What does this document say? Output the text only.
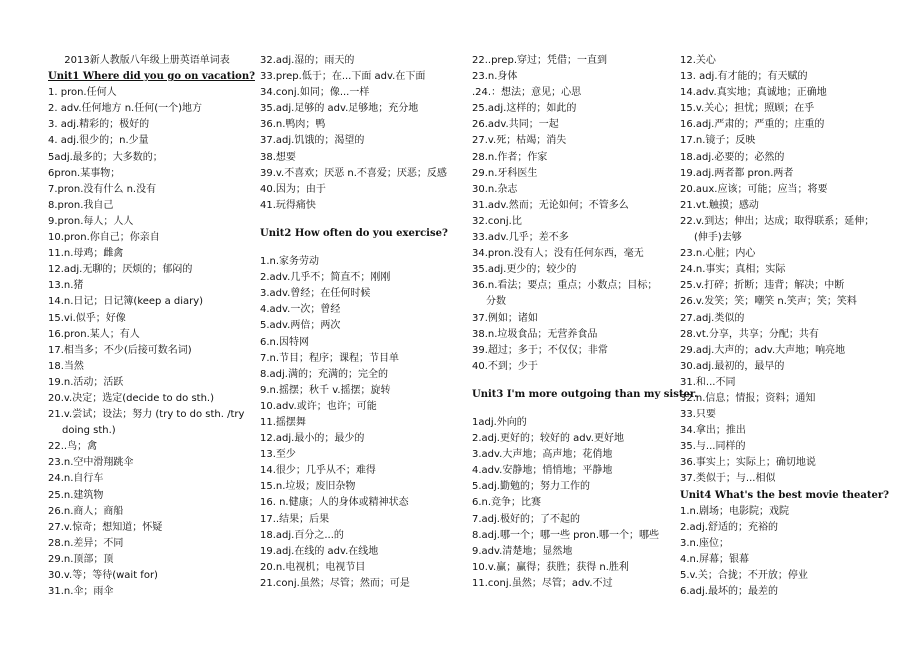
2013新人教版八年级上册英语单词表

Unit1 Where did you go on vacation?

1. pron.任何人

2. adv.任何地方 n.任何(一个)地方

3. adj.精彩的；极好的

4. adj.很少的；n.少量

5adj.最多的；大多数的；

6pron.某事物；

7.pron.没有什么 n.没有

8.pron.我自己

9.pron.每人；人人

10.pron.你自己；你亲自

11.n.母鸡；雌禽

12.adj.无聊的；厌烦的；郁闷的

13.n.猪

14.n.日记；日记簿(keep a diary)

15.vi.似乎；好像

16.pron.某人；有人

17.相当多；不少(后接可数名词)

18.当然

19.n.活动；活跃

20.v.决定；选定(decide to do sth.)

21.v.尝试；设法；努力 (try to do sth. /try

doing sth.)

22..鸟；禽

23.n.空中滑翔跳伞

24.n.自行车

25.n.建筑物

26.n.商人；商船

27.v.惊奇；想知道；怀疑

28.n.差异；不同

29.n.顶部；顶

30.v.等；等待(wait for)

31.n.伞；雨伞

32.adj.湿的；雨天的

33.prep.低于；在...下面 adv.在下面

34.conj.如同；像...一样

35.adj.足够的 adv.足够地；充分地

36.n.鸭肉；鸭

37.adj.饥饿的；渴望的

38.想要

39.v.不喜欢；厌恶 n.不喜爱；厌恶；反感

40.因为；由于

41.玩得痛快

Unit2 How often do you exercise?

1.n.家务劳动

2.adv.几乎不；简直不；刚刚

3.adv.曾经；在任何时候

4.adv.一次；曾经

5.adv.两倍；两次

6.n.因特网

7.n.节目；程序；课程；节目单

8.adj.满的；充满的；完全的

9.n.摇摆；秋千 v.摇摆；旋转

10.adv.或许；也许；可能

11.摇摆舞

12.adj.最小的；最少的

13.至少

14.很少；几乎从不；难得

15.n.垃圾；废旧杂物

16. n.健康；人的身体或精神状态

17..结果；后果

18.adj.百分之...的

19.adj.在线的 adv.在线地

20.n.电视机；电视节目

21.conj.虽然；尽管；然而；可是

22..prep.穿过；凭借；一直到

23.n.身体

.24.：想法；意见；心思

25.adj.这样的；如此的

26.adv.共同；一起

27.v.死；枯竭；消失

28.n.作者；作家

29.n.牙科医生

30.n.杂志

31.adv.然而；无论如何；不管多么

32.conj.比

33.adv.几乎；差不多

34.pron.没有人；没有任何东西，毫无

35.adj.更少的；较少的

36.n.看法；要点；重点；小数点；目标；

分数

37.例如；诸如

38.n.垃圾食品；无营养食品

39.超过；多于；不仅仅；非常

40.不到；少于

Unit3 I'm more outgoing than my sister.

1adj.外向的

2.adj.更好的；较好的 adv.更好地

3.adv.大声地；高声地；花俏地

4.adv.安静地；悄悄地；平静地

5.adj.勤勉的；努力工作的

6.n.竞争；比赛

7.adj.极好的；了不起的

8.adj.哪一个；哪一些 pron.哪一个；哪些

9.adv.清楚地；显然地

10.v.赢；赢得；获胜；获得 n.胜利

11.conj.虽然；尽管；adv.不过

12.关心

13. adj.有才能的；有天赋的

14.adv.真实地；真诚地；正确地

15.v.关心；担忧；照顾；在乎

16.adj.严肃的；严重的；庄重的

17.n.镜子；反映

18.adj.必要的；必然的

19.adj.两者都 pron.两者

20.aux.应该；可能；应当；将要

21.vt.触摸；感动

22.v.到达；伸出；达成；取得联系；延伸；

(伸手)去够

23.n.心脏；内心

24.n.事实；真相；实际

25.v.打碎；折断；违背；解决；中断

26.v.发笑；笑；嘲笑 n.笑声；笑；笑料

27.adj.类似的

28.vt.分享，共享；分配；共有

29.adj.大声的；adv.大声地；响亮地

30.adj.最初的，最早的

31.和...不同

32.n.信息；情报；资料；通知

33.只要

34.拿出；推出

35.与...同样的

36.事实上；实际上；确切地说

37.类似于；与...相似

Unit4 What's the best movie theater?

1.n.剧场；电影院；戏院

2.adj.舒适的；充裕的

3.n.座位；

4.n.屏幕；银幕

5.v.关；合拢；不开放；停业

6.adj.最坏的；最差的
